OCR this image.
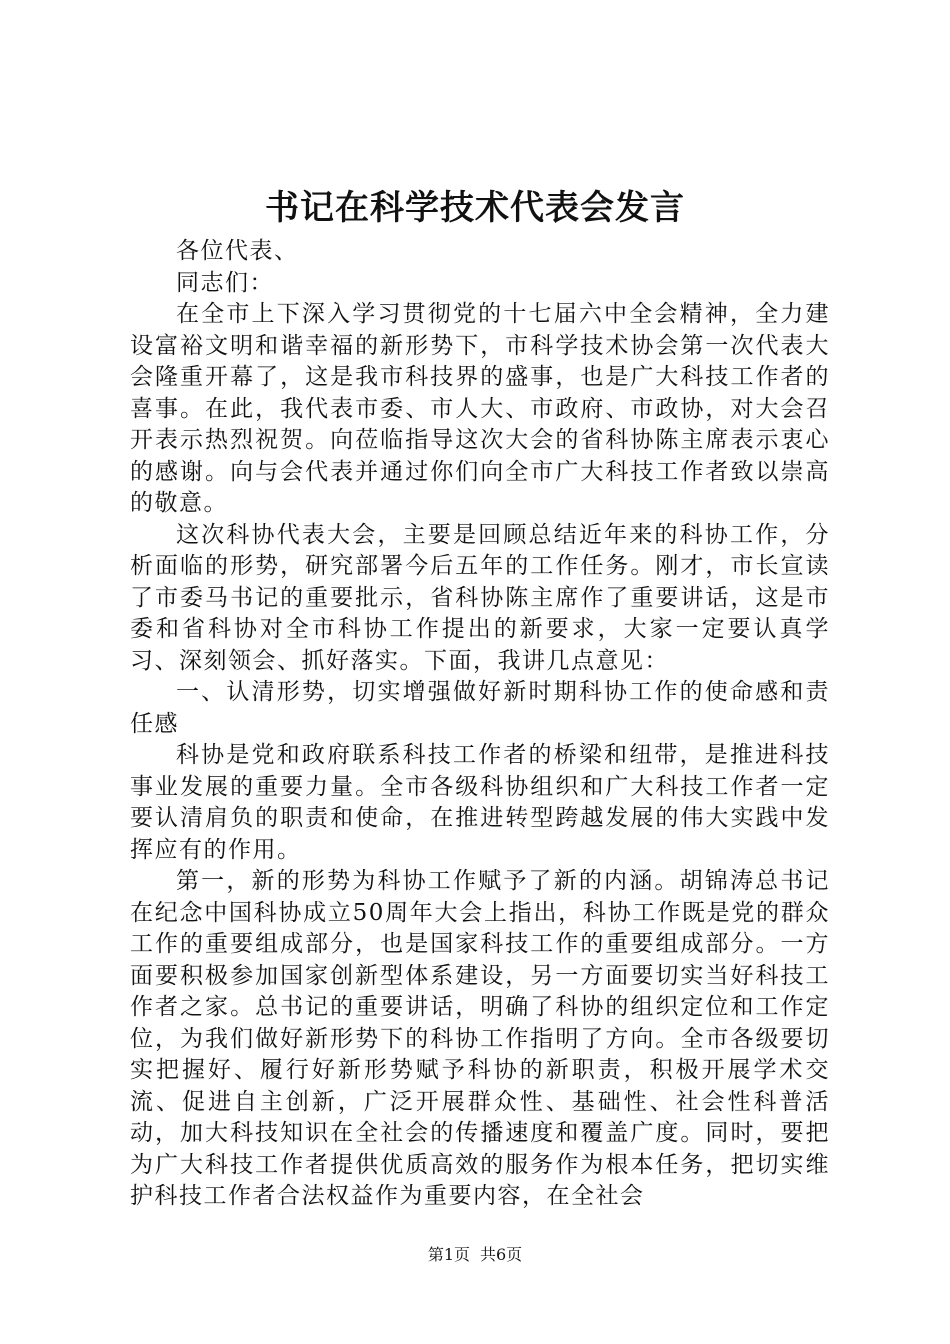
书记在科学技术代表会发言

各位代表、

同志们：

在全市上下深入学习贯彻党的十七届六中全会精神，全力建设富裕文明和谐幸福的新形势下，市科学技术协会第一次代表大会隆重开幕了，这是我市科技界的盛事，也是广大科技工作者的喜事。在此，我代表市委、市人大、市政府、市政协，对大会召开表示热烈祝贺。向莅临指导这次大会的省科协陈主席表示衷心的感谢。向与会代表并通过你们向全市广大科技工作者致以崇高的敬意。

这次科协代表大会，主要是回顾总结近年来的科协工作，分析面临的形势，研究部署今后五年的工作任务。刚才，市长宣读了市委马书记的重要批示，省科协陈主席作了重要讲话，这是市委和省科协对全市科协工作提出的新要求，大家一定要认真学习、深刻领会、抓好落实。下面，我讲几点意见：

一、认清形势，切实增强做好新时期科协工作的使命感和责任感

科协是党和政府联系科技工作者的桥梁和纽带，是推进科技事业发展的重要力量。全市各级科协组织和广大科技工作者一定要认清肩负的职责和使命，在推进转型跨越发展的伟大实践中发挥应有的作用。

第一，新的形势为科协工作赋予了新的内涵。胡锦涛总书记在纪念中国科协成立50周年大会上指出，科协工作既是党的群众工作的重要组成部分，也是国家科技工作的重要组成部分。一方面要积极参加国家创新型体系建设，另一方面要切实当好科技工作者之家。总书记的重要讲话，明确了科协的组织定位和工作定位，为我们做好新形势下的科协工作指明了方向。全市各级要切实把握好、履行好新形势赋予科协的新职责，积极开展学术交流、促进自主创新，广泛开展群众性、基础性、社会性科普活动，加大科技知识在全社会的传播速度和覆盖广度。同时，要把为广大科技工作者提供优质高效的服务作为根本任务，把切实维护科技工作者合法权益作为重要内容，在全社会

第1页 共6页
